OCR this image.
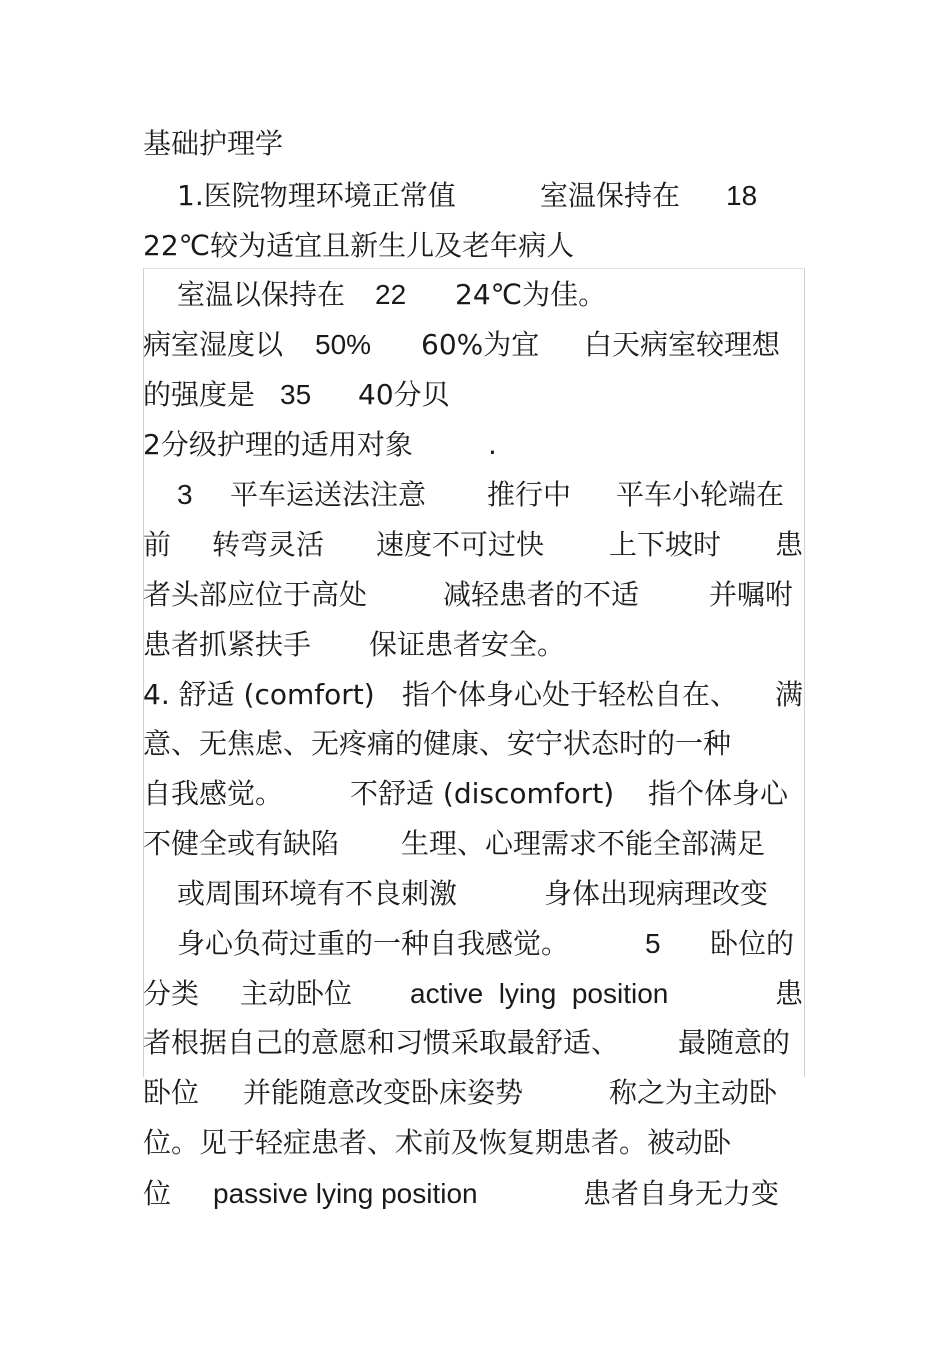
基础护理学
1.医院物理环境正常值	室温保持在 18
22℃较为适宜且新生儿及老年病人
室温以保持在 22 24℃为佳。
病室湿度以 50% 60%为宜 白天病室较理想
的强度是 35 40分贝
2分级护理的适用对象	.
3 平车运送法注意 推行中 平车小轮端在
前 转弯灵活 速度不可过快 上下坡时 患
者头部应位于高处	减轻患者的不适 并嘱咐
患者抓紧扶手 保证患者安全。
4. 舒适 (comfort) 指个体身心处于轻松自在、 满
意、无焦虑、无疼痛的健康、安宁状态时的一种
自我感觉。 不舒适 (discomfort) 指个体身心
不健全或有缺陷 生理、心理需求不能全部满足
或周围环境有不良刺激	身体出现病理改变
身心负荷过重的一种自我感觉。	5 卧位的
分类 主动卧位 active  lying  position	患
者根据自己的意愿和习惯采取最舒适、 最随意的
卧位 并能随意改变卧床姿势	称之为主动卧
位。见于轻症患者、术前及恢复期患者。被动卧
位 passive lying position	患者自身无力变
